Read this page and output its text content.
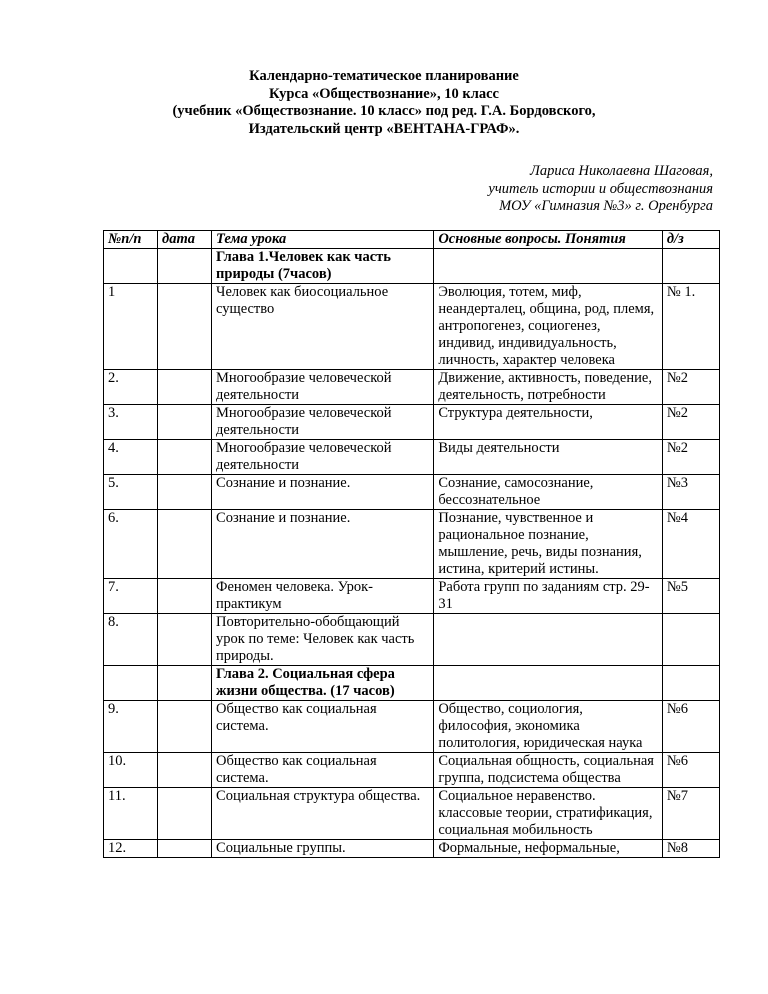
Календарно-тематическое планирование
Курса «Обществознание», 10 класс
(учебник «Обществознание. 10 класс» под ред. Г.А. Бордовского,
Издательский центр «ВЕНТАНА-ГРАФ».
Лариса Николаевна Шаговая,
учитель истории и обществознания
МОУ «Гимназия №3» г. Оренбурга
№п/п	дата	Тема урока	Основные вопросы. Понятия	д/з
		Глава 1.Человек как часть природы (7часов)		
1		Человек как биосоциальное существо	Эволюция, тотем, миф, неандерталец, община, род, племя, антропогенез, социогенез, индивид, индивидуальность, личность, характер человека	№ 1.
2.		Многообразие человеческой деятельности	Движение, активность, поведение, деятельность, потребности	№2
3.		Многообразие человеческой деятельности	Структура деятельности,	№2
4.		Многообразие человеческой деятельности	Виды деятельности	№2
5.		Сознание и познание.	Сознание, самосознание, бессознательное	№3
6.		Сознание и познание.	Познание, чувственное и рациональное познание, мышление, речь, виды познания, истина, критерий истины.	№4
7.		Феномен человека. Урок-практикум	Работа групп по заданиям стр. 29-31	№5
8.		Повторительно-обобщающий урок по теме: Человек как часть природы.		
		Глава 2. Социальная сфера жизни общества. (17 часов)		
9.		Общество как социальная система.	Общество, социология, философия, экономика политология, юридическая наука	№6
10.		Общество как социальная система.	Социальная общность, социальная группа, подсистема общества	№6
11.		Социальная структура общества.	Социальное неравенство. классовые теории, стратификация, социальная мобильность	№7
12.		Социальные группы.	Формальные, неформальные,	№8
